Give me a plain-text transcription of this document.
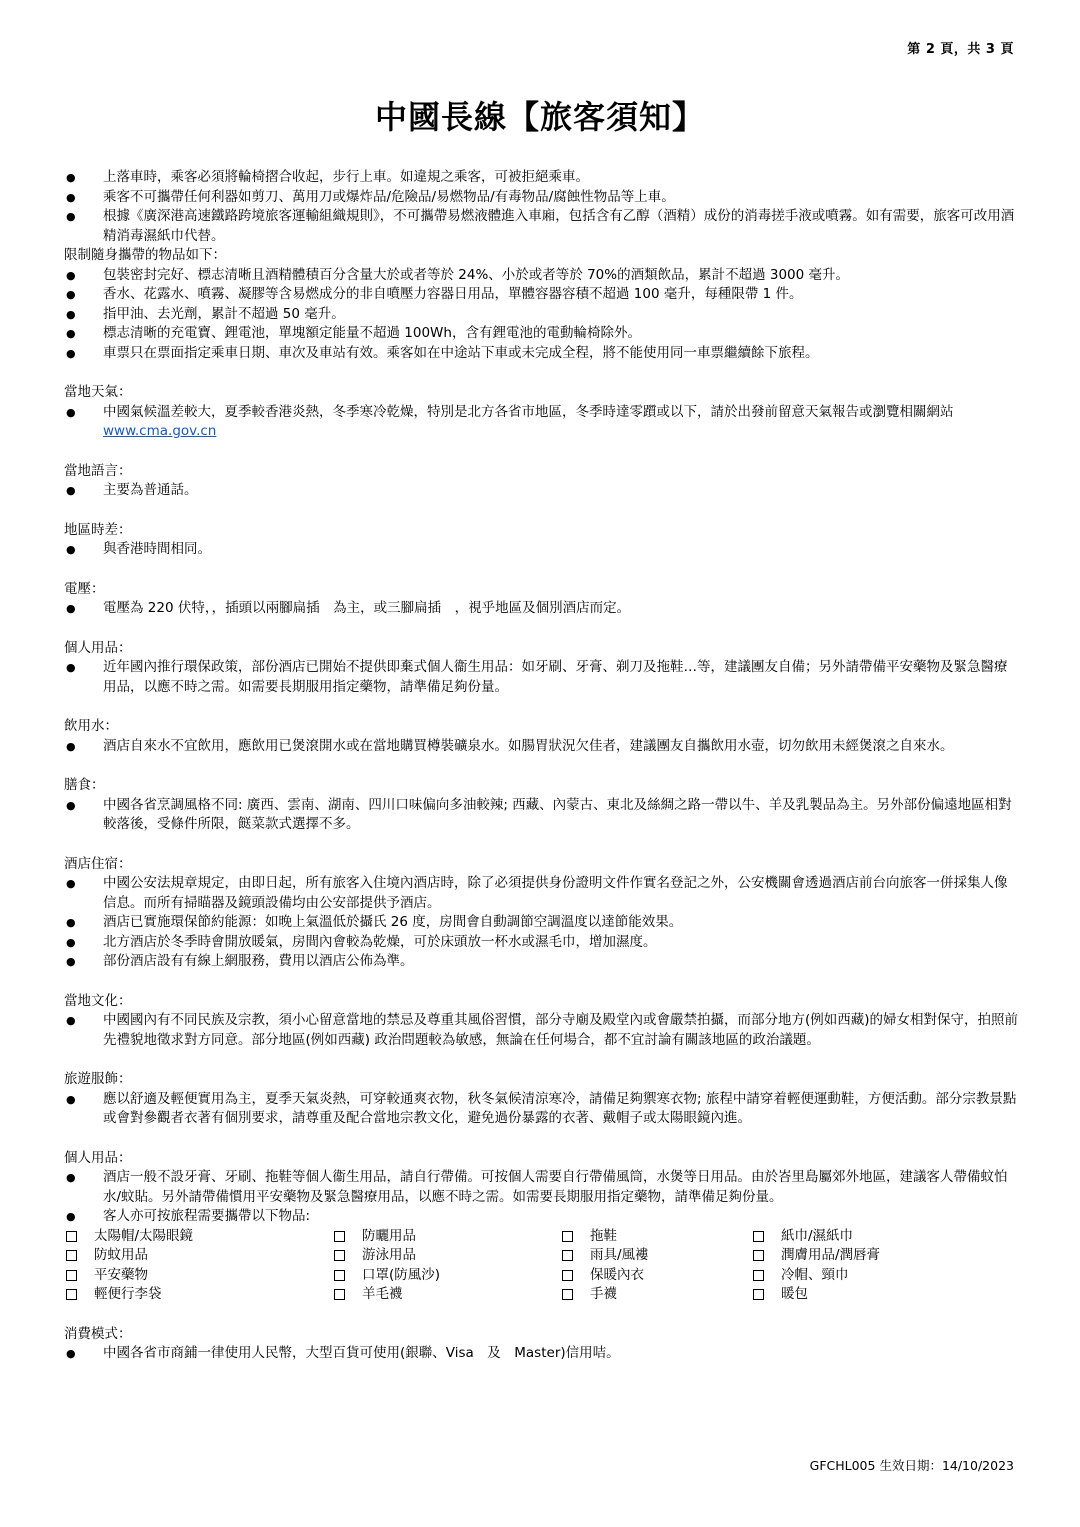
第 2 頁，共 3 頁
中國長線【旅客須知】
● 上落車時，乘客必須將輪椅摺合收起，步行上車。如違規之乘客，可被拒絕乘車。
● 乘客不可攜帶任何利器如剪刀、萬用刀或爆炸品/危險品/易燃物品/有毒物品/腐蝕性物品等上車。
● 根據《廣深港高速鐵路跨境旅客運輸組織規則》，不可攜帶易燃液體進入車廂，包括含有乙醇（酒精）成份的消毒搓手液或噴霧。如有需要，旅客可改用酒精消毒濕紙巾代替。

限制隨身攜帶的物品如下：

● 包裝密封完好、標志清晰且酒精體積百分含量大於或者等於 24%、小於或者等於 70%的酒類飲品，累計不超過 3000 毫升。
● 香水、花露水、噴霧、凝膠等含易燃成分的非自噴壓力容器日用品，單體容器容積不超過 100 毫升，每種限帶 1 件。
● 指甲油、去光劑，累計不超過 50 毫升。
● 標志清晰的充電寶、鋰電池，單塊額定能量不超過 100Wh，含有鋰電池的電動輪椅除外。
● 車票只在票面指定乘車日期、車次及車站有效。乘客如在中途站下車或未完成全程，將不能使用同一車票繼續餘下旅程。

當地天氣：

● 中國氣候溫差較大，夏季較香港炎熱，冬季寒冷乾燥，特別是北方各省市地區，冬季時達零躓或以下，請於出發前留意天氣報告或瀏覽相關網站 www.cma.gov.cn

當地語言：

● 主要為普通話。

地區時差：

● 與香港時間相同。

電壓：

● 電壓為 220 伏特，，插頭以兩腳扁插　為主，或三腳扁插　，視乎地區及個別酒店而定。

個人用品：

● 近年國內推行環保政策，部份酒店已開始不提供即棄式個人衞生用品：如牙刷、牙膏、剃刀及拖鞋…等，建議團友自備；另外請帶備平安藥物及緊急醫療用品，以應不時之需。如需要長期服用指定藥物，請準備足夠份量。

飲用水：

● 酒店自來水不宜飲用，應飲用已煲滾開水或在當地購買樽裝礦泉水。如腸胃狀況欠佳者，建議團友自攜飲用水壺，切勿飲用未經煲滾之自來水。

膳食：

● 中國各省烹調風格不同: 廣西、雲南、湖南、四川口味偏向多油較辣; 西藏、內蒙古、東北及絲綢之路一帶以牛、羊及乳製品為主。另外部份偏遠地區相對較落後，受條件所限，餸菜款式選擇不多。

酒店住宿：

● 中國公安法規章規定，由即日起，所有旅客入住境內酒店時，除了必須提供身份證明文件作實名登記之外，公安機關會透過酒店前台向旅客一併採集人像信息。而所有掃瞄器及鏡頭設備均由公安部提供予酒店。
● 酒店已實施環保節約能源：如晚上氣溫低於攝氏 26 度，房間會自動調節空調溫度以達節能效果。
● 北方酒店於冬季時會開放暖氣，房間內會較為乾燥，可於床頭放一杯水或濕毛巾，增加濕度。
● 部份酒店設有有線上網服務，費用以酒店公佈為準。

當地文化：

● 中國國內有不同民族及宗教，須小心留意當地的禁忌及尊重其風俗習慣，部分寺廟及殿堂內或會嚴禁拍攝，而部分地方(例如西藏)的婦女相對保守，拍照前先禮貌地徵求對方同意。部分地區(例如西藏) 政治問題較為敏感，無論在任何場合，都不宜討論有關該地區的政治議題。

旅遊服飾：

● 應以舒適及輕便實用為主，夏季天氣炎熱，可穿較通爽衣物，秋冬氣候清涼寒冷，請備足夠禦寒衣物; 旅程中請穿着輕便運動鞋，方便活動。部分宗教景點或會對參觀者衣著有個別要求，請尊重及配合當地宗教文化，避免過份暴露的衣著、戴帽子或太陽眼鏡內進。

個人用品：

● 酒店一般不設牙膏、牙刷、拖鞋等個人衞生用品，請自行帶備。可按個人需要自行帶備風筒，水煲等日用品。由於峇里島屬郊外地區，建議客人帶備蚊怕水/蚊貼。另外請帶備慣用平安藥物及緊急醫療用品，以應不時之需。如需要長期服用指定藥物，請準備足夠份量。
● 客人亦可按旅程需要攜帶以下物品:
太陽帽/太陽眼鏡	防曬用品	拖鞋	紙巾/濕紙巾
防蚊用品	游泳用品	雨具/風褸	潤膚用品/潤唇膏
平安藥物	口罩(防風沙)	保暖內衣	冷帽、頸巾
輕便行李袋	羊毛襪	手襪	暖包

消費模式：

● 中國各省市商鋪一律使用人民幣，大型百貨可使用(銀聯、Visa　及　Master)信用咭。
GFCHL005 生效日期：14/10/2023
